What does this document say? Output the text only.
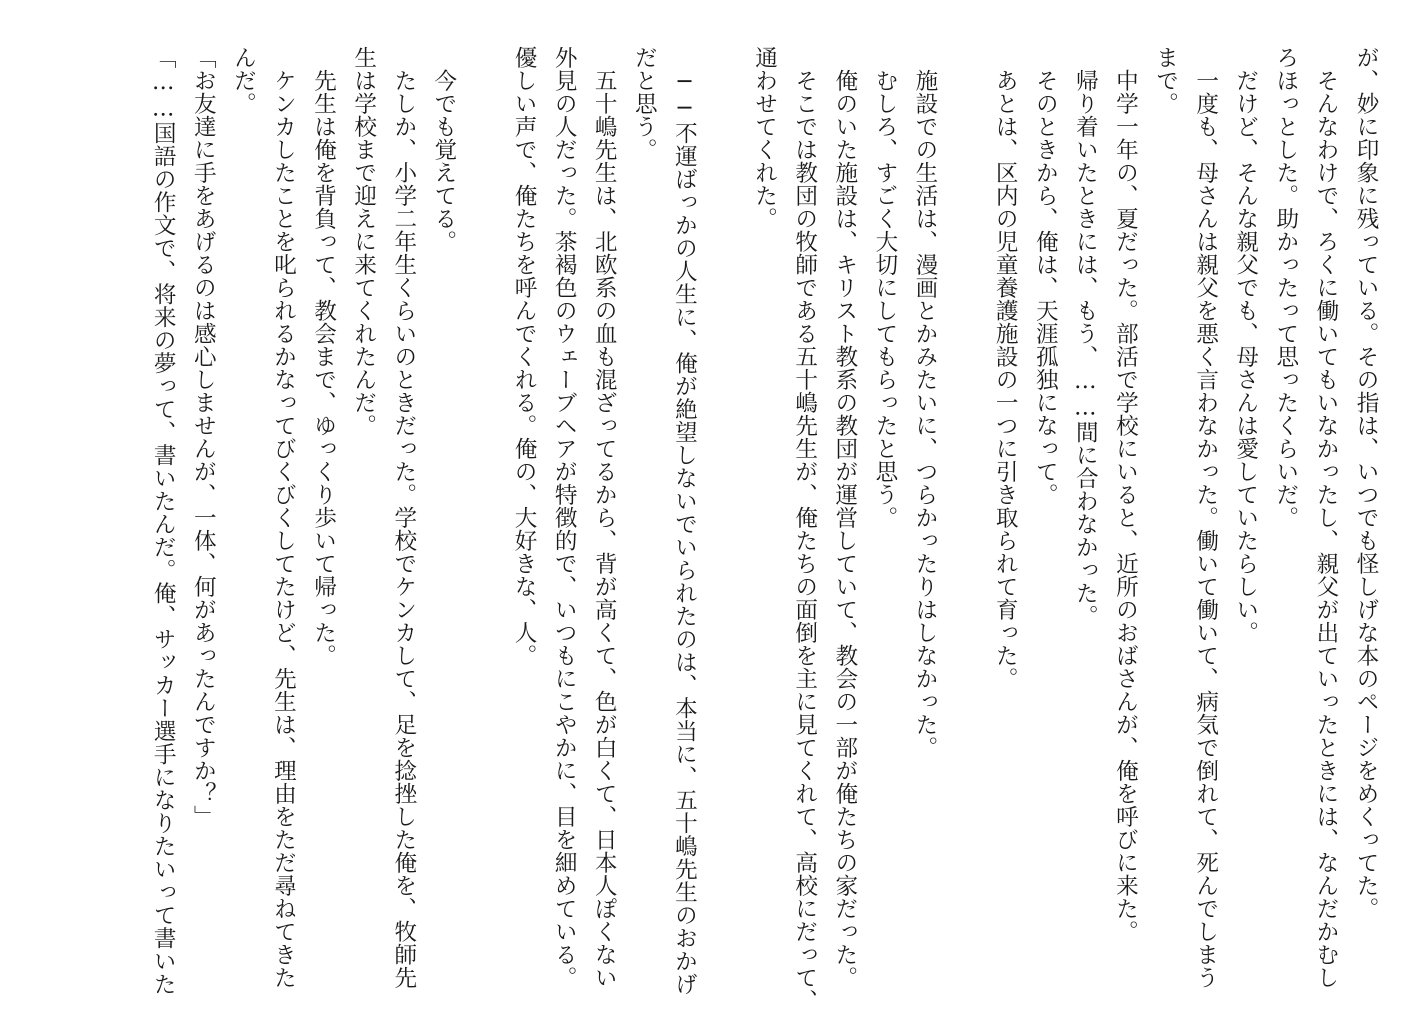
が、妙に印象に残っている。その指は、いつでも怪しげな本のページをめくってた。
　そんなわけで、ろくに働いてもいなかったし、親父が出ていったときには、なんだかむし
ろほっとした。助かったって思ったくらいだ。
　だけど、そんな親父でも、母さんは愛していたらしい。
　一度も、母さんは親父を悪く言わなかった。働いて働いて、病気で倒れて、死んでしまう
まで。
　中学一年の、夏だった。部活で学校にいると、近所のおばさんが、俺を呼びに来た。
　帰り着いたときには、もう、……間に合わなかった。
　そのときから、俺は、天涯孤独になって。
　あとは、区内の児童養護施設の一つに引き取られて育った。
　施設での生活は、漫画とかみたいに、つらかったりはしなかった。
　むしろ、すごく大切にしてもらったと思う。
　俺のいた施設は、キリスト教系の教団が運営していて、教会の一部が俺たちの家だった。
　そこでは教団の牧師である五十嶋先生が、俺たちの面倒を主に見てくれて、高校にだって、
通わせてくれた。
　──不運ばっかの人生に、俺が絶望しないでいられたのは、本当に、五十嶋先生のおかげ
だと思う。
　五十嶋先生は、北欧系の血も混ざってるから、背が高くて、色が白くて、日本人ぽくない
外見の人だった。茶褐色のウェーブヘアが特徴的で、いつもにこやかに、目を細めている。
優しい声で、俺たちを呼んでくれる。俺の、大好きな、人。
　今でも覚えてる。
　たしか、小学二年生くらいのときだった。学校でケンカして、足を捻挫した俺を、牧師先
生は学校まで迎えに来てくれたんだ。
　先生は俺を背負って、教会まで、ゆっくり歩いて帰った。
　ケンカしたことを叱られるかなってびくびくしてたけど、先生は、理由をただ尋ねてきた
んだ。
「お友達に手をあげるのは感心しませんが、一体、何があったんですか？」
「……国語の作文で、将来の夢って、書いたんだ。俺、サッカー選手になりたいって書いた
